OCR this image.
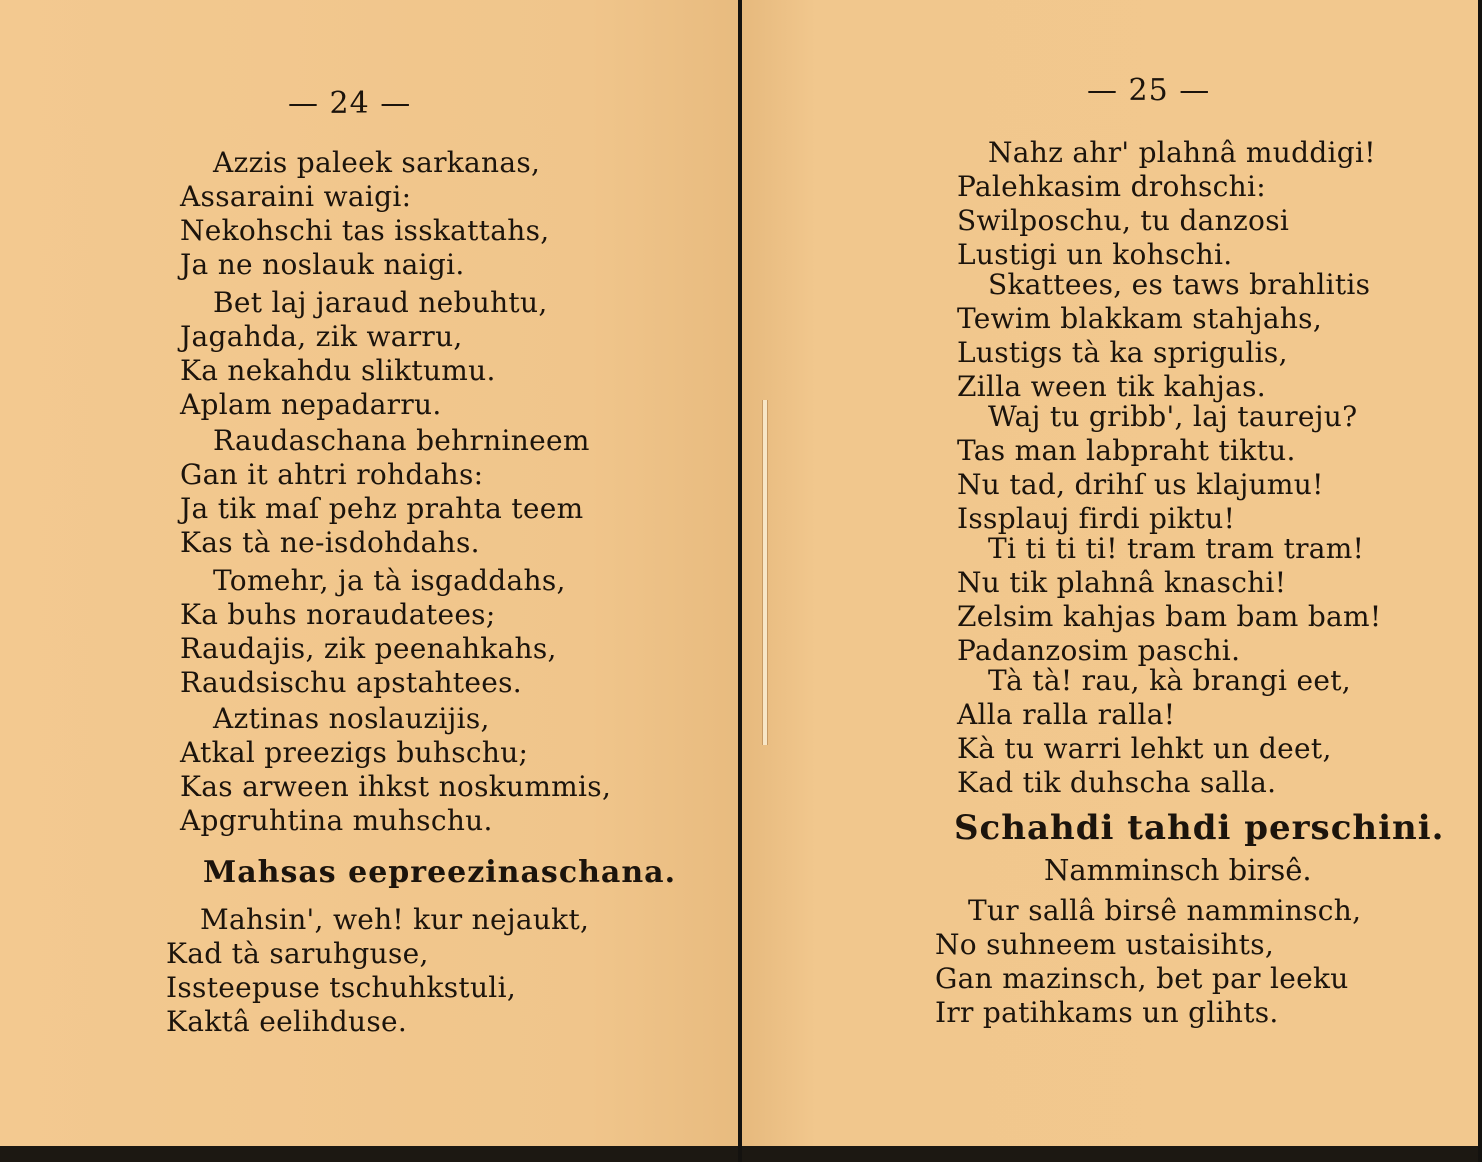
— 24 —
Azzis paleek sarkanas,
Assaraini waigi:
Nekohschi tas isskattahs,
Ja ne noslauk naigi.
Bet laj jaraud nebuhtu,
Jagahda, zik warru,
Ka nekahdu sliktumu.
Aplam nepadarru.
Raudaschana behrnineem
Gan it ahtri rohdahs:
Ja tik maſ pehz prahta teem
Kas tà ne-isdohdahs.
Tomehr, ja tà isgaddahs,
Ka buhs noraudatees;
Raudajis, zik peenahkahs,
Raudsischu apstahtees.
Aztinas noslauzijis,
Atkal preezigs buhschu;
Kas arween ihkst noskummis,
Apgruhtina muhschu.
Mahsas eepreezinaschana.
Mahsin', weh! kur nejaukt,
Kad tà saruhguse,
Issteepuse tschuhkstuli,
Kaktâ eelihduse.
— 25 —
Nahz ahr' plahnâ muddigi!
Palehkasim drohschi:
Swilposchu, tu danzosi
Lustigi un kohschi.
Skattees, es taws brahlitis
Tewim blakkam stahjahs,
Lustigs tà ka sprigulis,
Zilla ween tik kahjas.
Waj tu gribb', laj taureju?
Tas man labpraht tiktu.
Nu tad, drihſ us klajumu!
Issplauj firdi piktu!
Ti ti ti ti! tram tram tram!
Nu tik plahnâ knaschi!
Zelsim kahjas bam bam bam!
Padanzosim paschi.
Tà tà! rau, kà brangi eet,
Alla ralla ralla!
Kà tu warri lehkt un deet,
Kad tik duhscha salla.
Schahdi tahdi perschini.
Namminsch birsê.
Tur sallâ birsê namminsch,
No suhneem ustaisihts,
Gan mazinsch, bet par leeku
Irr patihkams un glihts.
